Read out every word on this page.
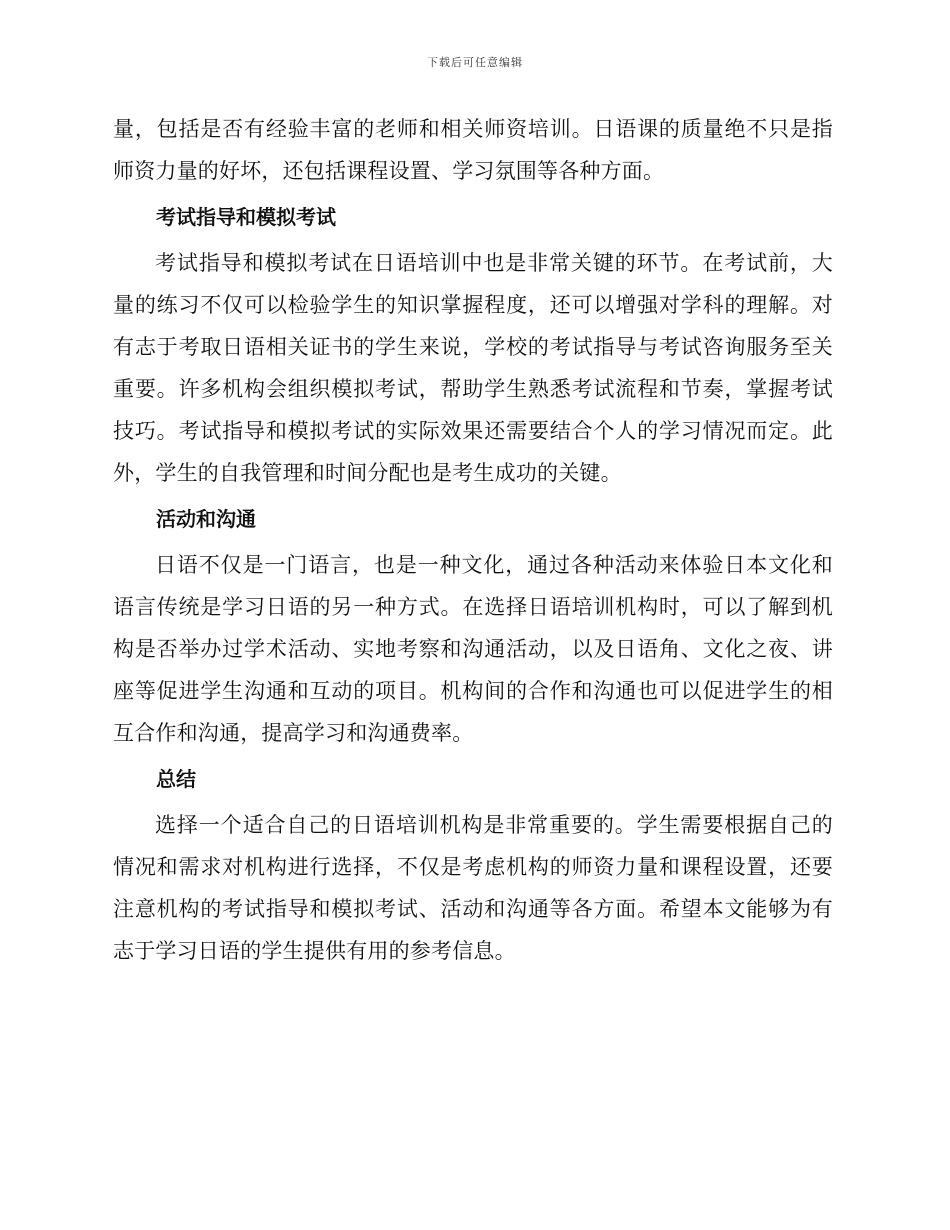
下载后可任意编辑

量，包括是否有经验丰富的老师和相关师资培训。日语课的质量绝不只是指师资力量的好坏，还包括课程设置、学习氛围等各种方面。

考试指导和模拟考试

考试指导和模拟考试在日语培训中也是非常关键的环节。在考试前，大量的练习不仅可以检验学生的知识掌握程度，还可以增强对学科的理解。对有志于考取日语相关证书的学生来说，学校的考试指导与考试咨询服务至关重要。许多机构会组织模拟考试，帮助学生熟悉考试流程和节奏，掌握考试技巧。考试指导和模拟考试的实际效果还需要结合个人的学习情况而定。此外，学生的自我管理和时间分配也是考生成功的关键。

活动和沟通

日语不仅是一门语言，也是一种文化，通过各种活动来体验日本文化和语言传统是学习日语的另一种方式。在选择日语培训机构时，可以了解到机构是否举办过学术活动、实地考察和沟通活动，以及日语角、文化之夜、讲座等促进学生沟通和互动的项目。机构间的合作和沟通也可以促进学生的相互合作和沟通，提高学习和沟通费率。

总结

选择一个适合自己的日语培训机构是非常重要的。学生需要根据自己的情况和需求对机构进行选择，不仅是考虑机构的师资力量和课程设置，还要注意机构的考试指导和模拟考试、活动和沟通等各方面。希望本文能够为有志于学习日语的学生提供有用的参考信息。
